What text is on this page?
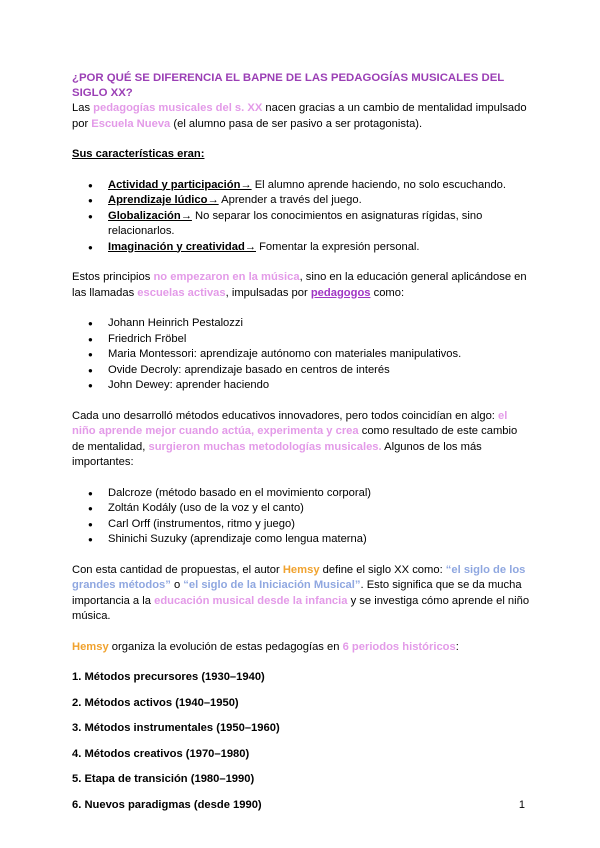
¿POR QUÉ SE DIFERENCIA EL BAPNE DE LAS PEDAGOGÍAS MUSICALES DEL SIGLO XX?

Las pedagogías musicales del s. XX nacen gracias a un cambio de mentalidad impulsado por Escuela Nueva (el alumno pasa de ser pasivo a ser protagonista).

Sus características eran:

● Actividad y participación→ El alumno aprende haciendo, no solo escuchando.
● Aprendizaje lúdico→ Aprender a través del juego.
● Globalización→ No separar los conocimientos en asignaturas rígidas, sino relacionarlos.
● Imaginación y creatividad→ Fomentar la expresión personal.

Estos principios no empezaron en la música, sino en la educación general aplicándose en las llamadas escuelas activas, impulsadas por pedagogos como:

● Johann Heinrich Pestalozzi
● Friedrich Fröbel
● Maria Montessori: aprendizaje autónomo con materiales manipulativos.
● Ovide Decroly: aprendizaje basado en centros de interés
● John Dewey: aprender haciendo

Cada uno desarrolló métodos educativos innovadores, pero todos coincidían en algo: el niño aprende mejor cuando actúa, experimenta y crea como resultado de este cambio de mentalidad, surgieron muchas metodologías musicales. Algunos de los más importantes:

● Dalcroze (método basado en el movimiento corporal)
● Zoltán Kodály (uso de la voz y el canto)
● Carl Orff (instrumentos, ritmo y juego)
● Shinichi Suzuky (aprendizaje como lengua materna)

Con esta cantidad de propuestas, el autor Hemsy define el siglo XX como: “el siglo de los grandes métodos” o “el siglo de la Iniciación Musical”. Esto significa que se da mucha importancia a la educación musical desde la infancia y se investiga cómo aprende el niño música.

Hemsy organiza la evolución de estas pedagogías en 6 periodos históricos:

1. Métodos precursores (1930–1940)

2. Métodos activos (1940–1950)

3. Métodos instrumentales (1950–1960)

4. Métodos creativos (1970–1980)

5. Etapa de transición (1980–1990)

6. Nuevos paradigmas (desde 1990)	1
